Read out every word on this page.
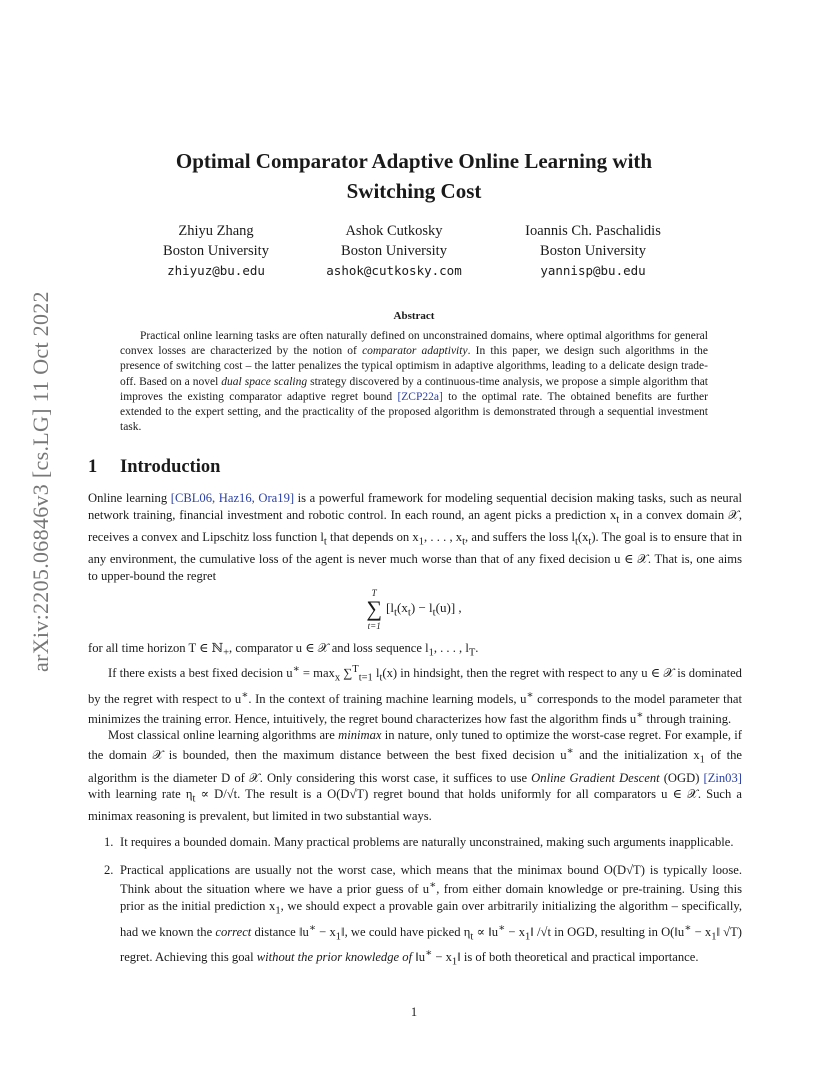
arXiv:2205.06846v3 [cs.LG] 11 Oct 2022
Optimal Comparator Adaptive Online Learning with
Switching Cost
Zhiyu Zhang
Boston University
zhiyuz@bu.edu
Ashok Cutkosky
Boston University
ashok@cutkosky.com
Ioannis Ch. Paschalidis
Boston University
yannisp@bu.edu
Abstract
Practical online learning tasks are often naturally defined on unconstrained domains, where optimal algorithms for general convex losses are characterized by the notion of comparator adaptivity. In this paper, we design such algorithms in the presence of switching cost – the latter penalizes the typical optimism in adaptive algorithms, leading to a delicate design trade-off. Based on a novel dual space scaling strategy discovered by a continuous-time analysis, we propose a simple algorithm that improves the existing comparator adaptive regret bound [ZCP22a] to the optimal rate. The obtained benefits are further extended to the expert setting, and the practicality of the proposed algorithm is demonstrated through a sequential investment task.
1 Introduction

Online learning [CBL06, Haz16, Ora19] is a powerful framework for modeling sequential decision making tasks, such as neural network training, financial investment and robotic control. In each round, an agent picks a prediction $x_t$ in a convex domain 𝒳, receives a convex and Lipschitz loss function $l_t$ that depends on $x_1$, . . . , $x_t$, and suffers the loss $l_t(x_t)$. The goal is to ensure that in any environment, the cumulative loss of the agent is never much worse than that of any fixed decision u ∈ 𝒳. That is, one aims to upper-bound the regret

T
∑
$t=1[l_t(x_t) - l_t(u)]$ ,

for all time horizon T ∈ ℕ$_+$, comparator u ∈ 𝒳 and loss sequence $l_1$, . . . , $l_T$.

If there exists a best fixed decision $u^∗ = \max_x \sum^T_{t=1}$ $l_t(x)$ in hindsight, then the regret with respect to any u ∈ 𝒳 is dominated by the regret with respect to u∗. In the context of training machine learning models, u∗ corresponds to the model parameter that minimizes the training error. Hence, intuitively, the regret bound characterizes how fast the algorithm finds u∗ through training.

Most classical online learning algorithms are minimax in nature, only tuned to optimize the worst-case regret. For example, if the domain 𝒳 is bounded, then the maximum distance between the best fixed decision u∗ and the initialization $x_1$ of the algorithm is the diameter D of 𝒳. Only considering this worst case, it suffices to use Online Gradient Descent (OGD) [Zin03] with learning rate $\eta_t \propto D/√t$. The result is a O(D√T) regret bound that holds uniformly for all comparators u ∈ 𝒳. Such a minimax reasoning is prevalent, but limited in two substantial ways.

1. It requires a bounded domain. Many practical problems are naturally unconstrained, making such arguments inapplicable.
2. Practical applications are usually not the worst case, which means that the minimax bound O(D√T) is typically loose. Think about the situation where we have a prior guess of u∗, from either domain knowledge or pre-training. Using this prior as the initial prediction $x_1$, we should expect a provable gain over arbitrarily initializing the algorithm – specifically, had we known the correct distance ‖u∗ − $x_1‖$, we could have picked $\eta_t$ ∝ ‖u∗ − $x_1‖$ /√t in OGD, resulting in O(‖u∗ − $x_1‖$ √T) regret. Achieving this goal without the prior knowledge of ‖u∗ − $x_1‖$ is of both theoretical and practical importance.
1
